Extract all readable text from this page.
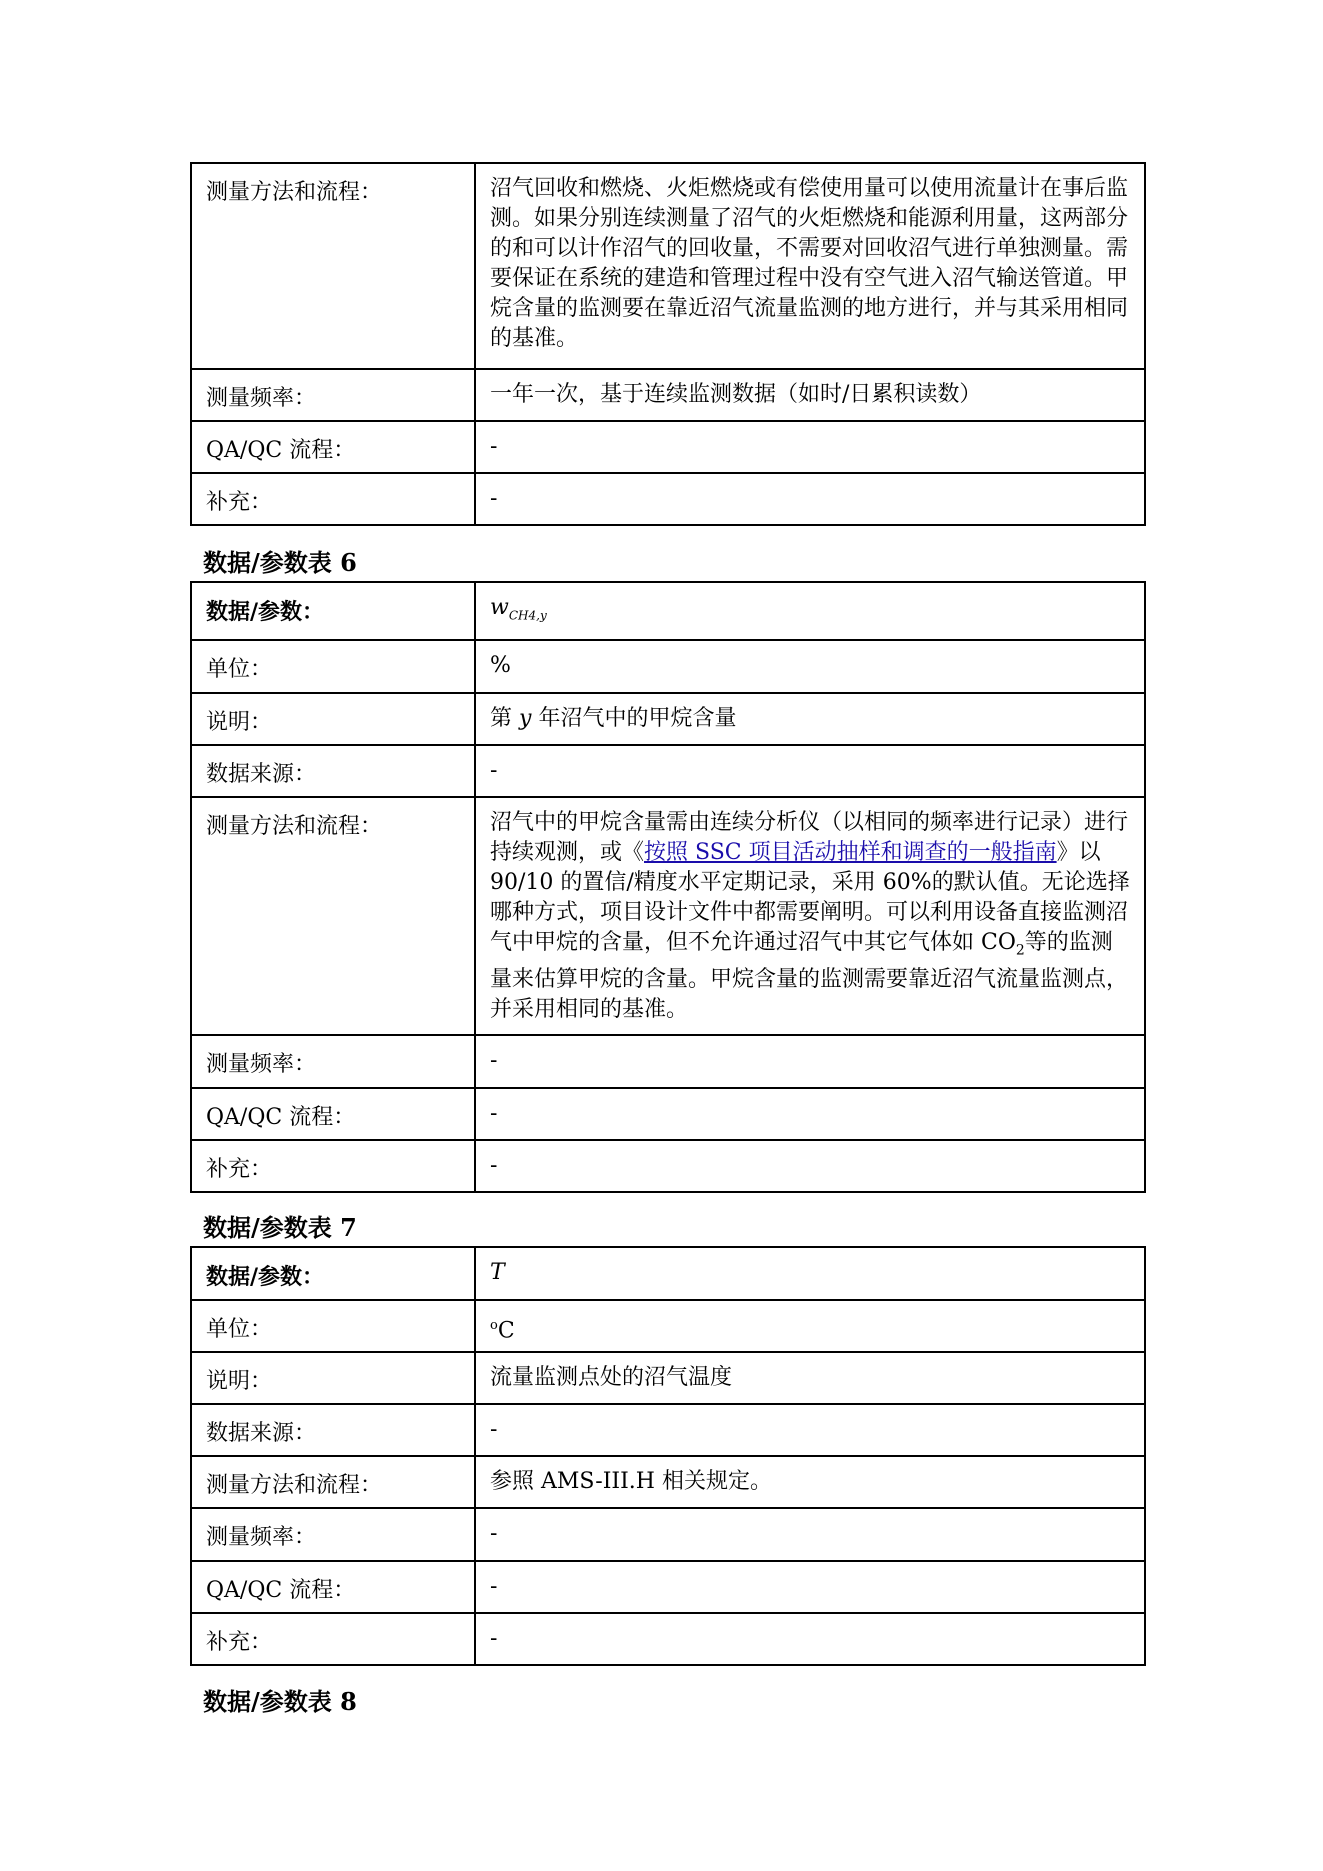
测量方法和流程：	沼气回收和燃烧、火炬燃烧或有偿使用量可以使用流量计在事后监测。如果分别连续测量了沼气的火炬燃烧和能源利用量，这两部分的和可以计作沼气的回收量，不需要对回收沼气进行单独测量。需要保证在系统的建造和管理过程中没有空气进入沼气输送管道。甲烷含量的监测要在靠近沼气流量监测的地方进行，并与其采用相同的基准。

测量频率：	一年一次，基于连续监测数据（如时/日累积读数）

QA/QC 流程：	-

补充：	-
数据/参数表 6
数据/参数：	$w_{CH4,y}$

单位：	%

说明：	第 y 年沼气中的甲烷含量

数据来源：	-

测量方法和流程：	沼气中的甲烷含量需由连续分析仪（以相同的频率进行记录）进行持续观测，或《按照 SSC 项目活动抽样和调查的一般指南》以 90/10 的置信/精度水平定期记录，采用 60%的默认值。无论选择哪种方式，项目设计文件中都需要阐明。可以利用设备直接监测沼气中甲烷的含量，但不允许通过沼气中其它气体如 $CO_2$等的监测量来估算甲烷的含量。甲烷含量的监测需要靠近沼气流量监测点，并采用相同的基准。

测量频率：	-

QA/QC 流程：	-

补充：	-
数据/参数表 7
数据/参数：	T

单位：	$^o$C

说明：	流量监测点处的沼气温度

数据来源：	-

测量方法和流程：	参照 AMS-III.H 相关规定。

测量频率：	-

QA/QC 流程：	-

补充：	-
数据/参数表 8
